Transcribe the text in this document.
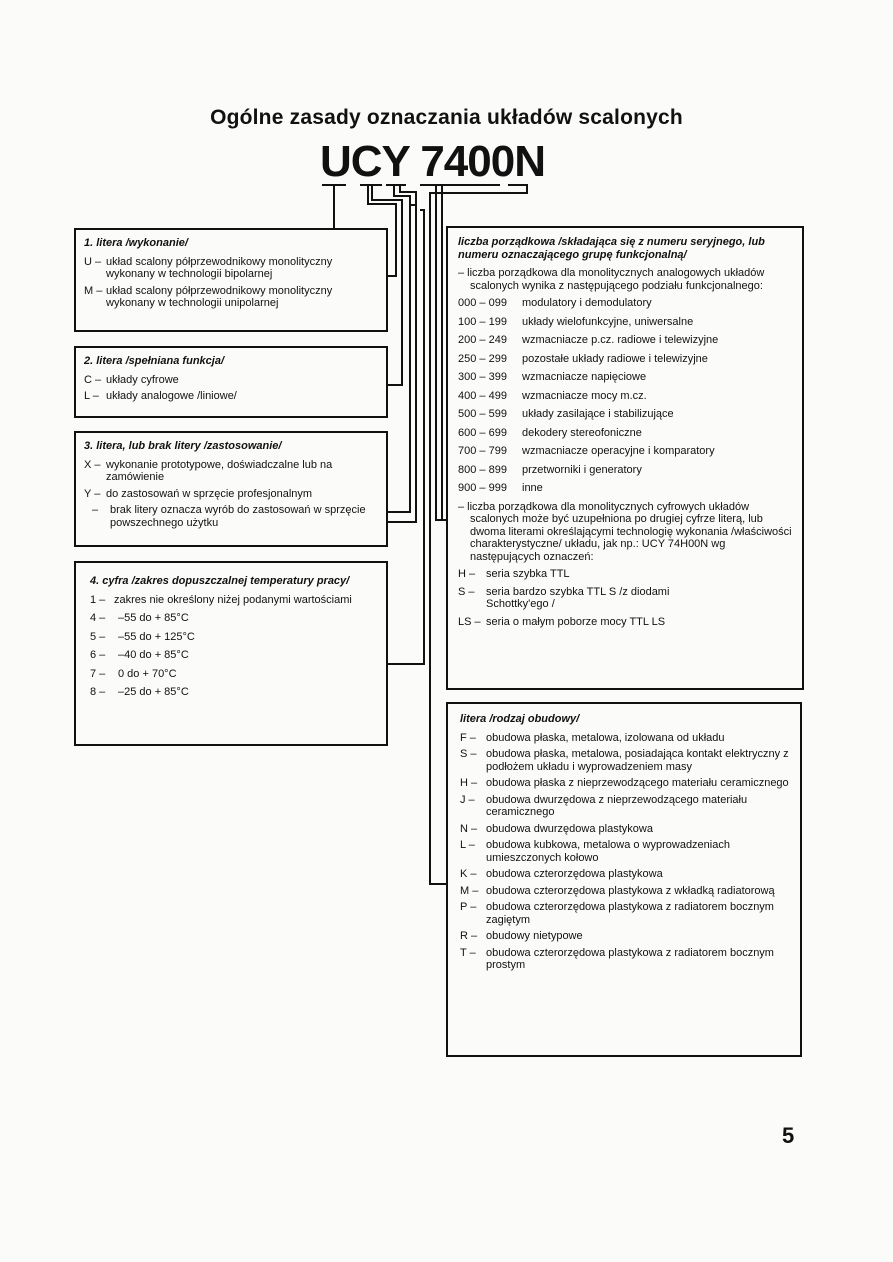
Ogólne zasady oznaczania układów scalonych
UCY 7400N
1. litera /wykonanie/
U – układ scalony półprzewodnikowy monolityczny wykonany w technologii bipolarnej
M – układ scalony półprzewodnikowy monolityczny wykonany w technologii unipolarnej
2. litera /spełniana funkcja/
C – układy cyfrowe
L – układy analogowe /liniowe/
3. litera, lub brak litery /zastosowanie/
X – wykonanie prototypowe, doświadczalne lub na zamówienie
Y – do zastosowań w sprzęcie profesjonalnym
–	brak litery oznacza wyrób do zastosowań w sprzęcie powszechnego użytku
4. cyfra /zakres dopuszczalnej temperatury pracy/
1 – zakres nie określony niżej podanymi wartościami
4 –	–55 do + 85°C
5 –	–55 do + 125°C
6 –	–40 do + 85°C
7 –	0 do + 70°C
8 –	–25 do + 85°C
liczba porządkowa /składająca się z numeru seryjnego, lub numeru oznaczającego grupę funkcjonalną/
– liczba porządkowa dla monolitycznych analogowych układów scalonych wynika z następującego podziału funkcjonalnego:
000 – 099	modulatory i demodulatory
100 – 199	układy wielofunkcyjne, uniwersalne
200 – 249	wzmacniacze p.cz. radiowe i telewizyjne
250 – 299	pozostałe układy radiowe i telewizyjne
300 – 399	wzmacniacze napięciowe
400 – 499	wzmacniacze mocy m.cz.
500 – 599	układy zasilające i stabilizujące
600 – 699	dekodery stereofoniczne
700 – 799	wzmacniacze operacyjne i komparatory
800 – 899	przetworniki i generatory
900 – 999	inne
– liczba porządkowa dla monolitycznych cyfrowych układów scalonych może być uzupełniona po drugiej cyfrze literą, lub dwoma literami określającymi technologię wykonania /właściwości charakterystyczne/ układu, jak np.: UCY 74H00N wg następujących oznaczeń:
H – seria szybka TTL
S –	seria bardzo szybka TTL S /z diodami Schottky'ego /
LS – seria o małym poborze mocy TTL LS
litera /rodzaj obudowy/
F – obudowa płaska, metalowa, izolowana od układu
S – obudowa płaska, metalowa, posiadająca kontakt elektryczny z podłożem układu i wyprowadzeniem masy
H – obudowa płaska z nieprzewodzącego materiału ceramicznego
J –	obudowa dwurzędowa z nieprzewodzącego materiału ceramicznego
N – obudowa dwurzędowa plastykowa
L –	obudowa kubkowa, metalowa o wyprowadzeniach umieszczonych kołowo
K – obudowa czterorzędowa plastykowa
M – obudowa czterorzędowa plastykowa z wkładką radiatorową
P – obudowa czterorzędowa plastykowa z radiatorem bocznym zagiętym
R – obudowy nietypowe
T – obudowa czterorzędowa plastykowa z radiatorem bocznym prostym
5
